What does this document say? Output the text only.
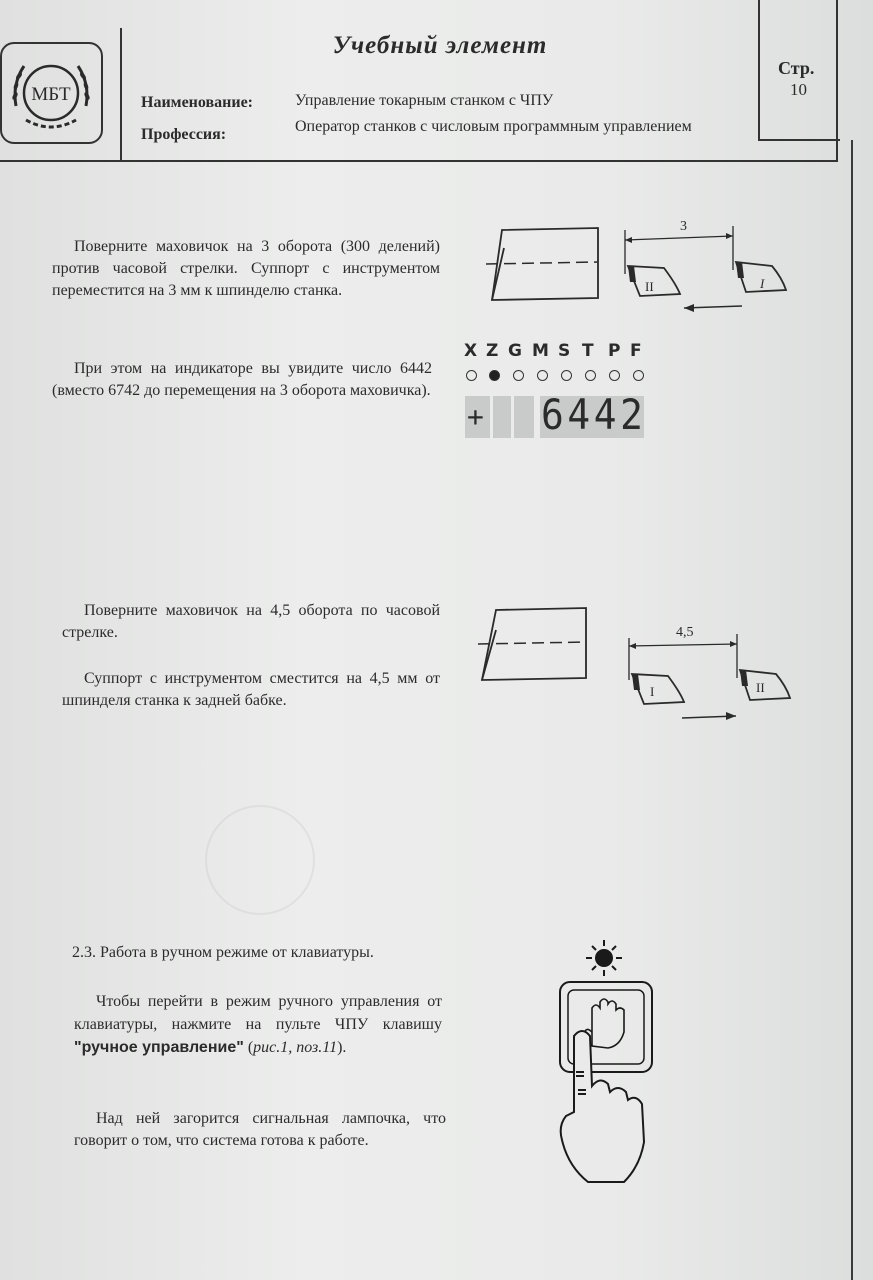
МБТ
Учебный элемент
Наименование:	Управление токарным станком с ЧПУ
Профессия:	Оператор станков с числовым программным управлением
Стр.
10
Поверните маховичок на 3 оборота (300 делений) против часовой стрелки. Суппорт с инструментом переместится на 3 мм к шпинделю станка.
При этом на индикаторе вы увидите число 6442 (вместо 6742 до перемещения на 3 оборота маховичка).
3
II	I
X Z G M S T P F
+ 6442
Поверните маховичок на 4,5 оборота по часовой стрелке.
Суппорт с инструментом сместится на 4,5 мм от шпинделя станка к задней бабке.
4,5
I	II
2.3. Работа в ручном режиме от клавиатуры.
Чтобы перейти в режим ручного управления от клавиатуры, нажмите на пульте ЧПУ клавишу "ручное управление" (рис.1, поз.11).
Над ней загорится сигнальная лампочка, что говорит о том, что система готова к работе.
